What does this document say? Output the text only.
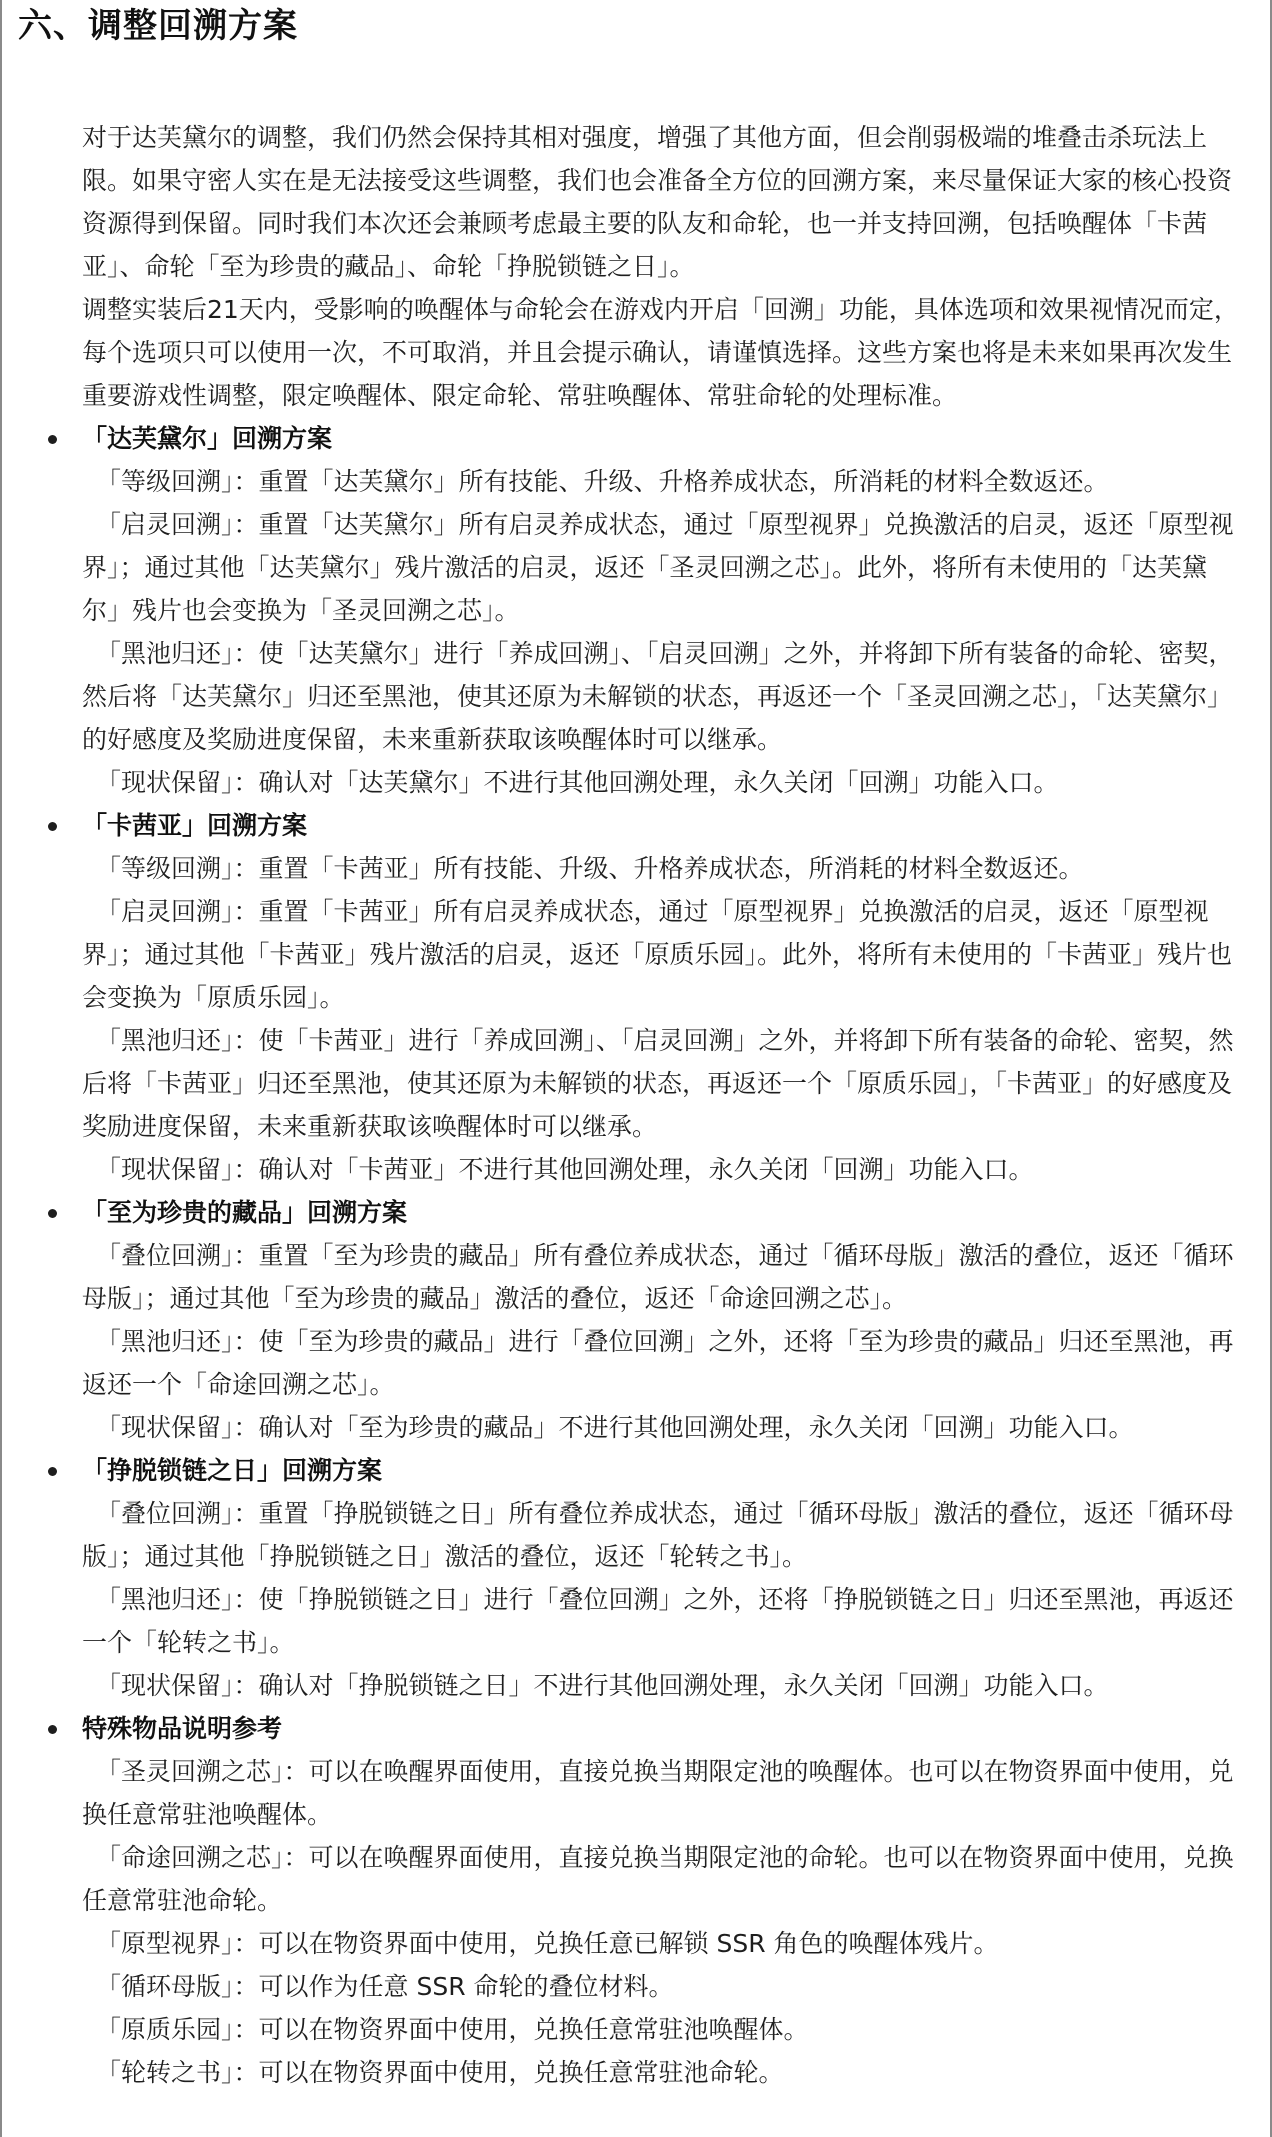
六、调整回溯方案

对于达芙黛尔的调整，我们仍然会保持其相对强度，增强了其他方面，但会削弱极端的堆叠击杀玩法上限。如果守密人实在是无法接受这些调整，我们也会准备全方位的回溯方案，来尽量保证大家的核心投资资源得到保留。同时我们本次还会兼顾考虑最主要的队友和命轮，也一并支持回溯，包括唤醒体「卡茜亚」、命轮「至为珍贵的藏品」、命轮「挣脱锁链之日」。

调整实装后21天内，受影响的唤醒体与命轮会在游戏内开启「回溯」功能，具体选项和效果视情况而定，每个选项只可以使用一次，不可取消，并且会提示确认，请谨慎选择。这些方案也将是未来如果再次发生重要游戏性调整，限定唤醒体、限定命轮、常驻唤醒体、常驻命轮的处理标准。

「达芙黛尔」回溯方案

「等级回溯」：重置「达芙黛尔」所有技能、升级、升格养成状态，所消耗的材料全数返还。

「启灵回溯」：重置「达芙黛尔」所有启灵养成状态，通过「原型视界」兑换激活的启灵，返还「原型视界」；通过其他「达芙黛尔」残片激活的启灵，返还「圣灵回溯之芯」。此外，将所有未使用的「达芙黛尔」残片也会变换为「圣灵回溯之芯」。

「黑池归还」：使「达芙黛尔」进行「养成回溯」、「启灵回溯」之外，并将卸下所有装备的命轮、密契，然后将「达芙黛尔」归还至黑池，使其还原为未解锁的状态，再返还一个「圣灵回溯之芯」，「达芙黛尔」的好感度及奖励进度保留，未来重新获取该唤醒体时可以继承。

「现状保留」：确认对「达芙黛尔」不进行其他回溯处理，永久关闭「回溯」功能入口。

「卡茜亚」回溯方案

「等级回溯」：重置「卡茜亚」所有技能、升级、升格养成状态，所消耗的材料全数返还。

「启灵回溯」：重置「卡茜亚」所有启灵养成状态，通过「原型视界」兑换激活的启灵，返还「原型视界」；通过其他「卡茜亚」残片激活的启灵，返还「原质乐园」。此外，将所有未使用的「卡茜亚」残片也会变换为「原质乐园」。

「黑池归还」：使「卡茜亚」进行「养成回溯」、「启灵回溯」之外，并将卸下所有装备的命轮、密契，然后将「卡茜亚」归还至黑池，使其还原为未解锁的状态，再返还一个「原质乐园」，「卡茜亚」的好感度及奖励进度保留，未来重新获取该唤醒体时可以继承。

「现状保留」：确认对「卡茜亚」不进行其他回溯处理，永久关闭「回溯」功能入口。

「至为珍贵的藏品」回溯方案

「叠位回溯」：重置「至为珍贵的藏品」所有叠位养成状态，通过「循环母版」激活的叠位，返还「循环母版」；通过其他「至为珍贵的藏品」激活的叠位，返还「命途回溯之芯」。

「黑池归还」：使「至为珍贵的藏品」进行「叠位回溯」之外，还将「至为珍贵的藏品」归还至黑池，再返还一个「命途回溯之芯」。

「现状保留」：确认对「至为珍贵的藏品」不进行其他回溯处理，永久关闭「回溯」功能入口。

「挣脱锁链之日」回溯方案

「叠位回溯」：重置「挣脱锁链之日」所有叠位养成状态，通过「循环母版」激活的叠位，返还「循环母版」；通过其他「挣脱锁链之日」激活的叠位，返还「轮转之书」。

「黑池归还」：使「挣脱锁链之日」进行「叠位回溯」之外，还将「挣脱锁链之日」归还至黑池，再返还一个「轮转之书」。

「现状保留」：确认对「挣脱锁链之日」不进行其他回溯处理，永久关闭「回溯」功能入口。

特殊物品说明参考

「圣灵回溯之芯」：可以在唤醒界面使用，直接兑换当期限定池的唤醒体。也可以在物资界面中使用，兑换任意常驻池唤醒体。

「命途回溯之芯」：可以在唤醒界面使用，直接兑换当期限定池的命轮。也可以在物资界面中使用，兑换任意常驻池命轮。

「原型视界」：可以在物资界面中使用，兑换任意已解锁 SSR 角色的唤醒体残片。

「循环母版」：可以作为任意 SSR 命轮的叠位材料。

「原质乐园」：可以在物资界面中使用，兑换任意常驻池唤醒体。

「轮转之书」：可以在物资界面中使用，兑换任意常驻池命轮。
